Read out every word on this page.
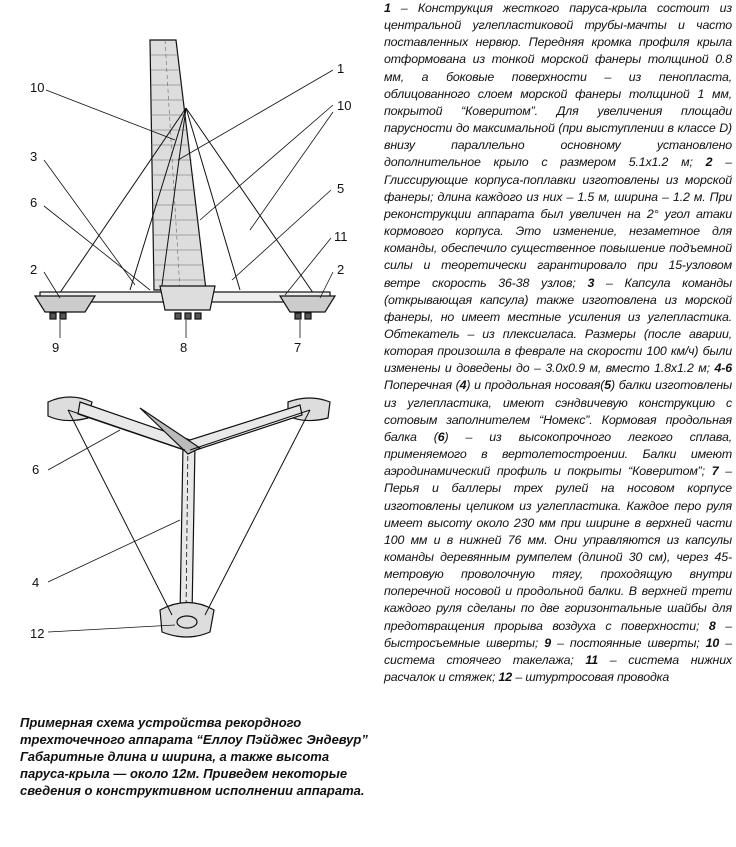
1
10
10
3
6
5
11
2	2
9	8	7
6
4
12

Примерная схема устройства рекордного трехточечного аппарата “Еллоу Пэйджес Эндевур”

Габаритные длина и ширина, а также высота паруса-крыла — около 12м. Приведем некоторые сведения о конструктивном исполнении аппарата.

1 – Конструкция жесткого паруса-крыла состоит из центральной углепластиковой трубы-мачты и часто поставленных нервюр. Передняя кромка профиля крыла отформована из тонкой морской фанеры толщиной 0.8 мм, а боковые поверхности – из пенопласта, облицованного слоем морской фанеры толщиной 1 мм, покрытой “Ковeритом”. Для увеличения площади парусности до максимальной (при выступлении в классе D) внизу параллельно основному установлено дополнительное крыло с размером 5.1x1.2 м; 2 – Глиссирующие корпуса-поплавки изготовлены из морской фанеры; длина каждого из них – 1.5 м, ширина – 1.2 м. При реконструкции аппарата был увеличен на 2° угол атаки кормового корпуса. Это изменение, незаметное для команды, обеспечило существенное повышение подъемной силы и теоретически гарантировало при 15-узловом ветре скорость 36-38 узлов; 3 – Капсула команды (открывающая капсула) также изготовлена из морской фанеры, но имеет местные усиления из углепластика. Обтекатель – из плексигласа. Размеры (после аварии, которая произошла в феврале на скорости 100 км/ч) были изменены и доведены до – 3.0x0.9 м, вместо 1.8x1.2 м; 4-6 Поперечная (4) и продольная носовая(5) балки изготовлены из углепластика, имеют сэндвичевую конструкцию с сотовым заполнителем “Номекс”. Кормовая продольная балка (6) – из высокопрочного легкого сплава, применяемого в вертолетостроении. Балки имеют аэродинамический профиль и покрыты “Ковeритом”; 7 – Перья и баллеры трех рулей на носовом корпусе изготовлены целиком из углепластика. Каждое перо руля имеет высоту около 230 мм при ширине в верхней части 100 мм и в нижней 76 мм. Они управляются из капсулы команды деревянным румпелем (длиной 30 см), через 45-метровую проволочную тягу, проходящую внутри поперечной носовой и продольной балки. В верхней трети каждого руля сделаны по две горизонтальные шайбы для предотвращения прорыва воздуха с поверхности; 8 – быстросъемные шверты; 9 – постоянные шверты; 10 – система стоячего такелажа; 11 – система нижних расчалок и стяжек; 12 – штуртросовая проводка
